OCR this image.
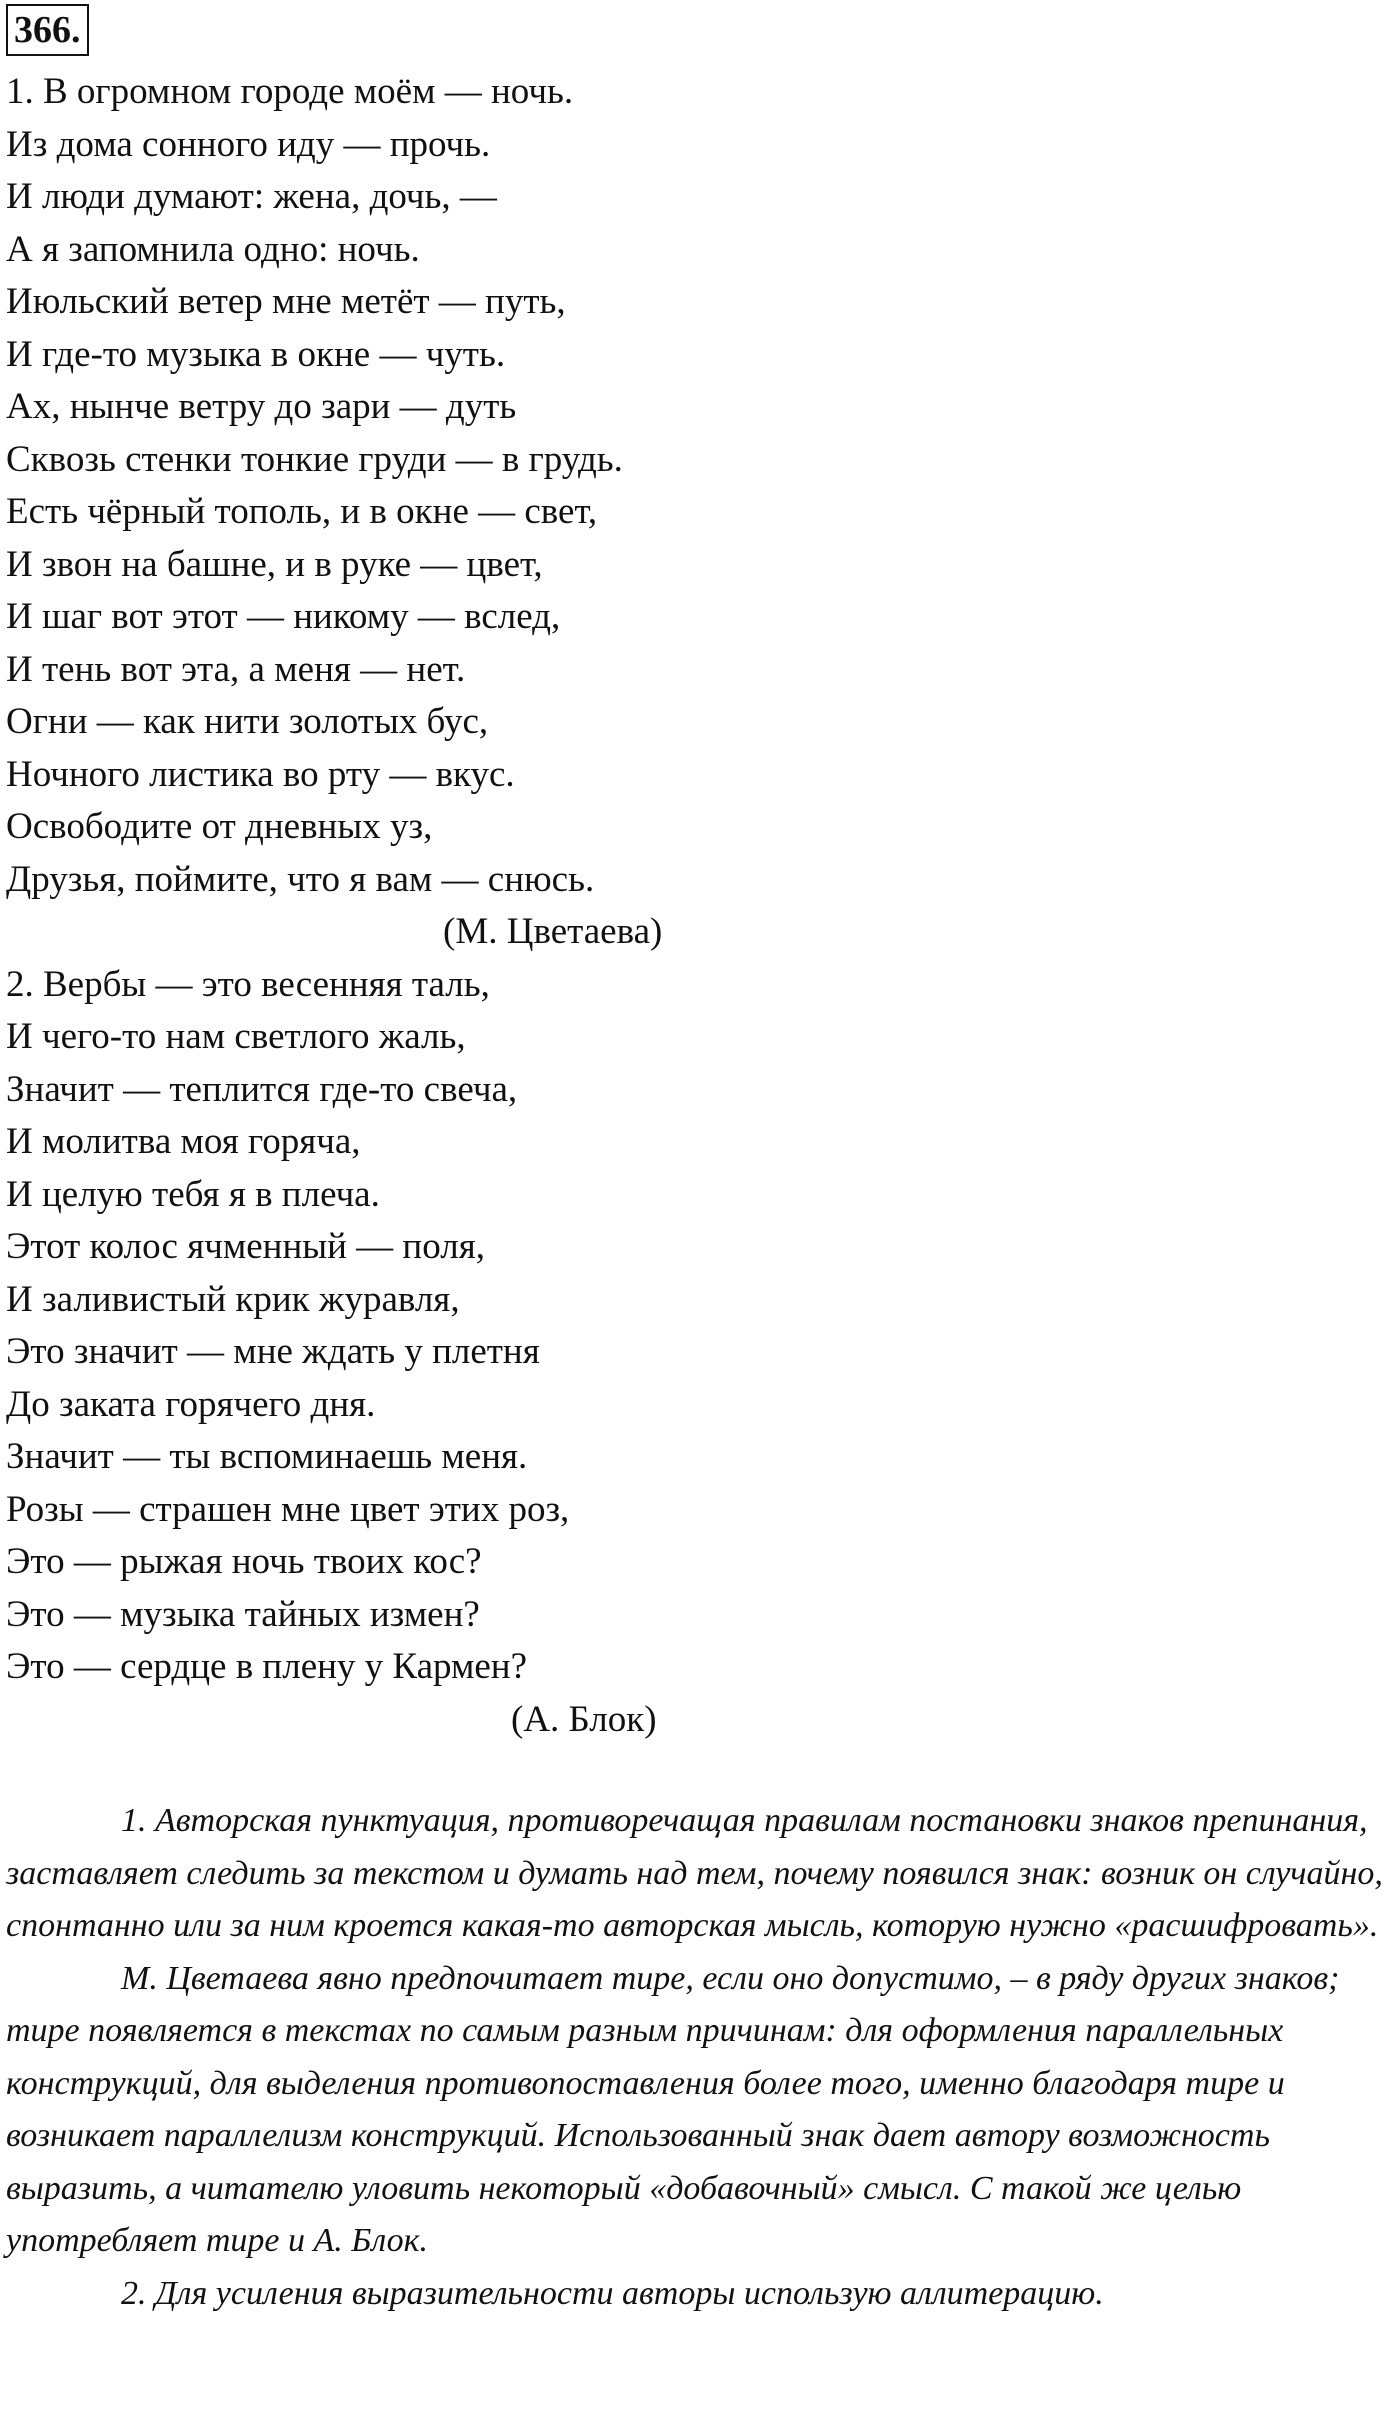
366.
1. В огромном городе моём — ночь.
Из дома сонного иду — прочь.
И люди думают: жена, дочь, —
А я запомнила одно: ночь.
Июльский ветер мне метёт — путь,
И где-то музыка в окне — чуть.
Ах, нынче ветру до зари — дуть
Сквозь стенки тонкие груди — в грудь.
Есть чёрный тополь, и в окне — свет,
И звон на башне, и в руке — цвет,
И шаг вот этот — никому — вслед,
И тень вот эта, а меня — нет.
Огни — как нити золотых бус,
Ночного листика во рту — вкус.
Освободите от дневных уз,
Друзья, поймите, что я вам — снюсь.
(М. Цветаева)
2. Вербы — это весенняя таль,
И чего-то нам светлого жаль,
Значит — теплится где-то свеча,
И молитва моя горяча,
И целую тебя я в плеча.
Этот колос ячменный — поля,
И заливистый крик журавля,
Это значит — мне ждать у плетня
До заката горячего дня.
Значит — ты вспоминаешь меня.
Розы — страшен мне цвет этих роз,
Это — рыжая ночь твоих кос?
Это — музыка тайных измен?
Это — сердце в плену у Кармен?
(А. Блок)

1. Авторская пунктуация, противоречащая правилам постановки знаков препинания, заставляет следить за текстом и думать над тем, почему появился знак: возник он случайно, спонтанно или за ним кроется какая-то авторская мысль, которую нужно «расшифровать».

М. Цветаева явно предпочитает тире, если оно допустимо, – в ряду других знаков; тире появляется в текстах по самым разным причинам: для оформления параллельных конструкций, для выделения противопоставления более того, именно благодаря тире и возникает параллелизм конструкций. Использованный знак дает автору возможность выразить, а читателю уловить некоторый «добавочный» смысл. С такой же целью употребляет тире и А. Блок.

2. Для усиления выразительности авторы использую аллитерацию.
